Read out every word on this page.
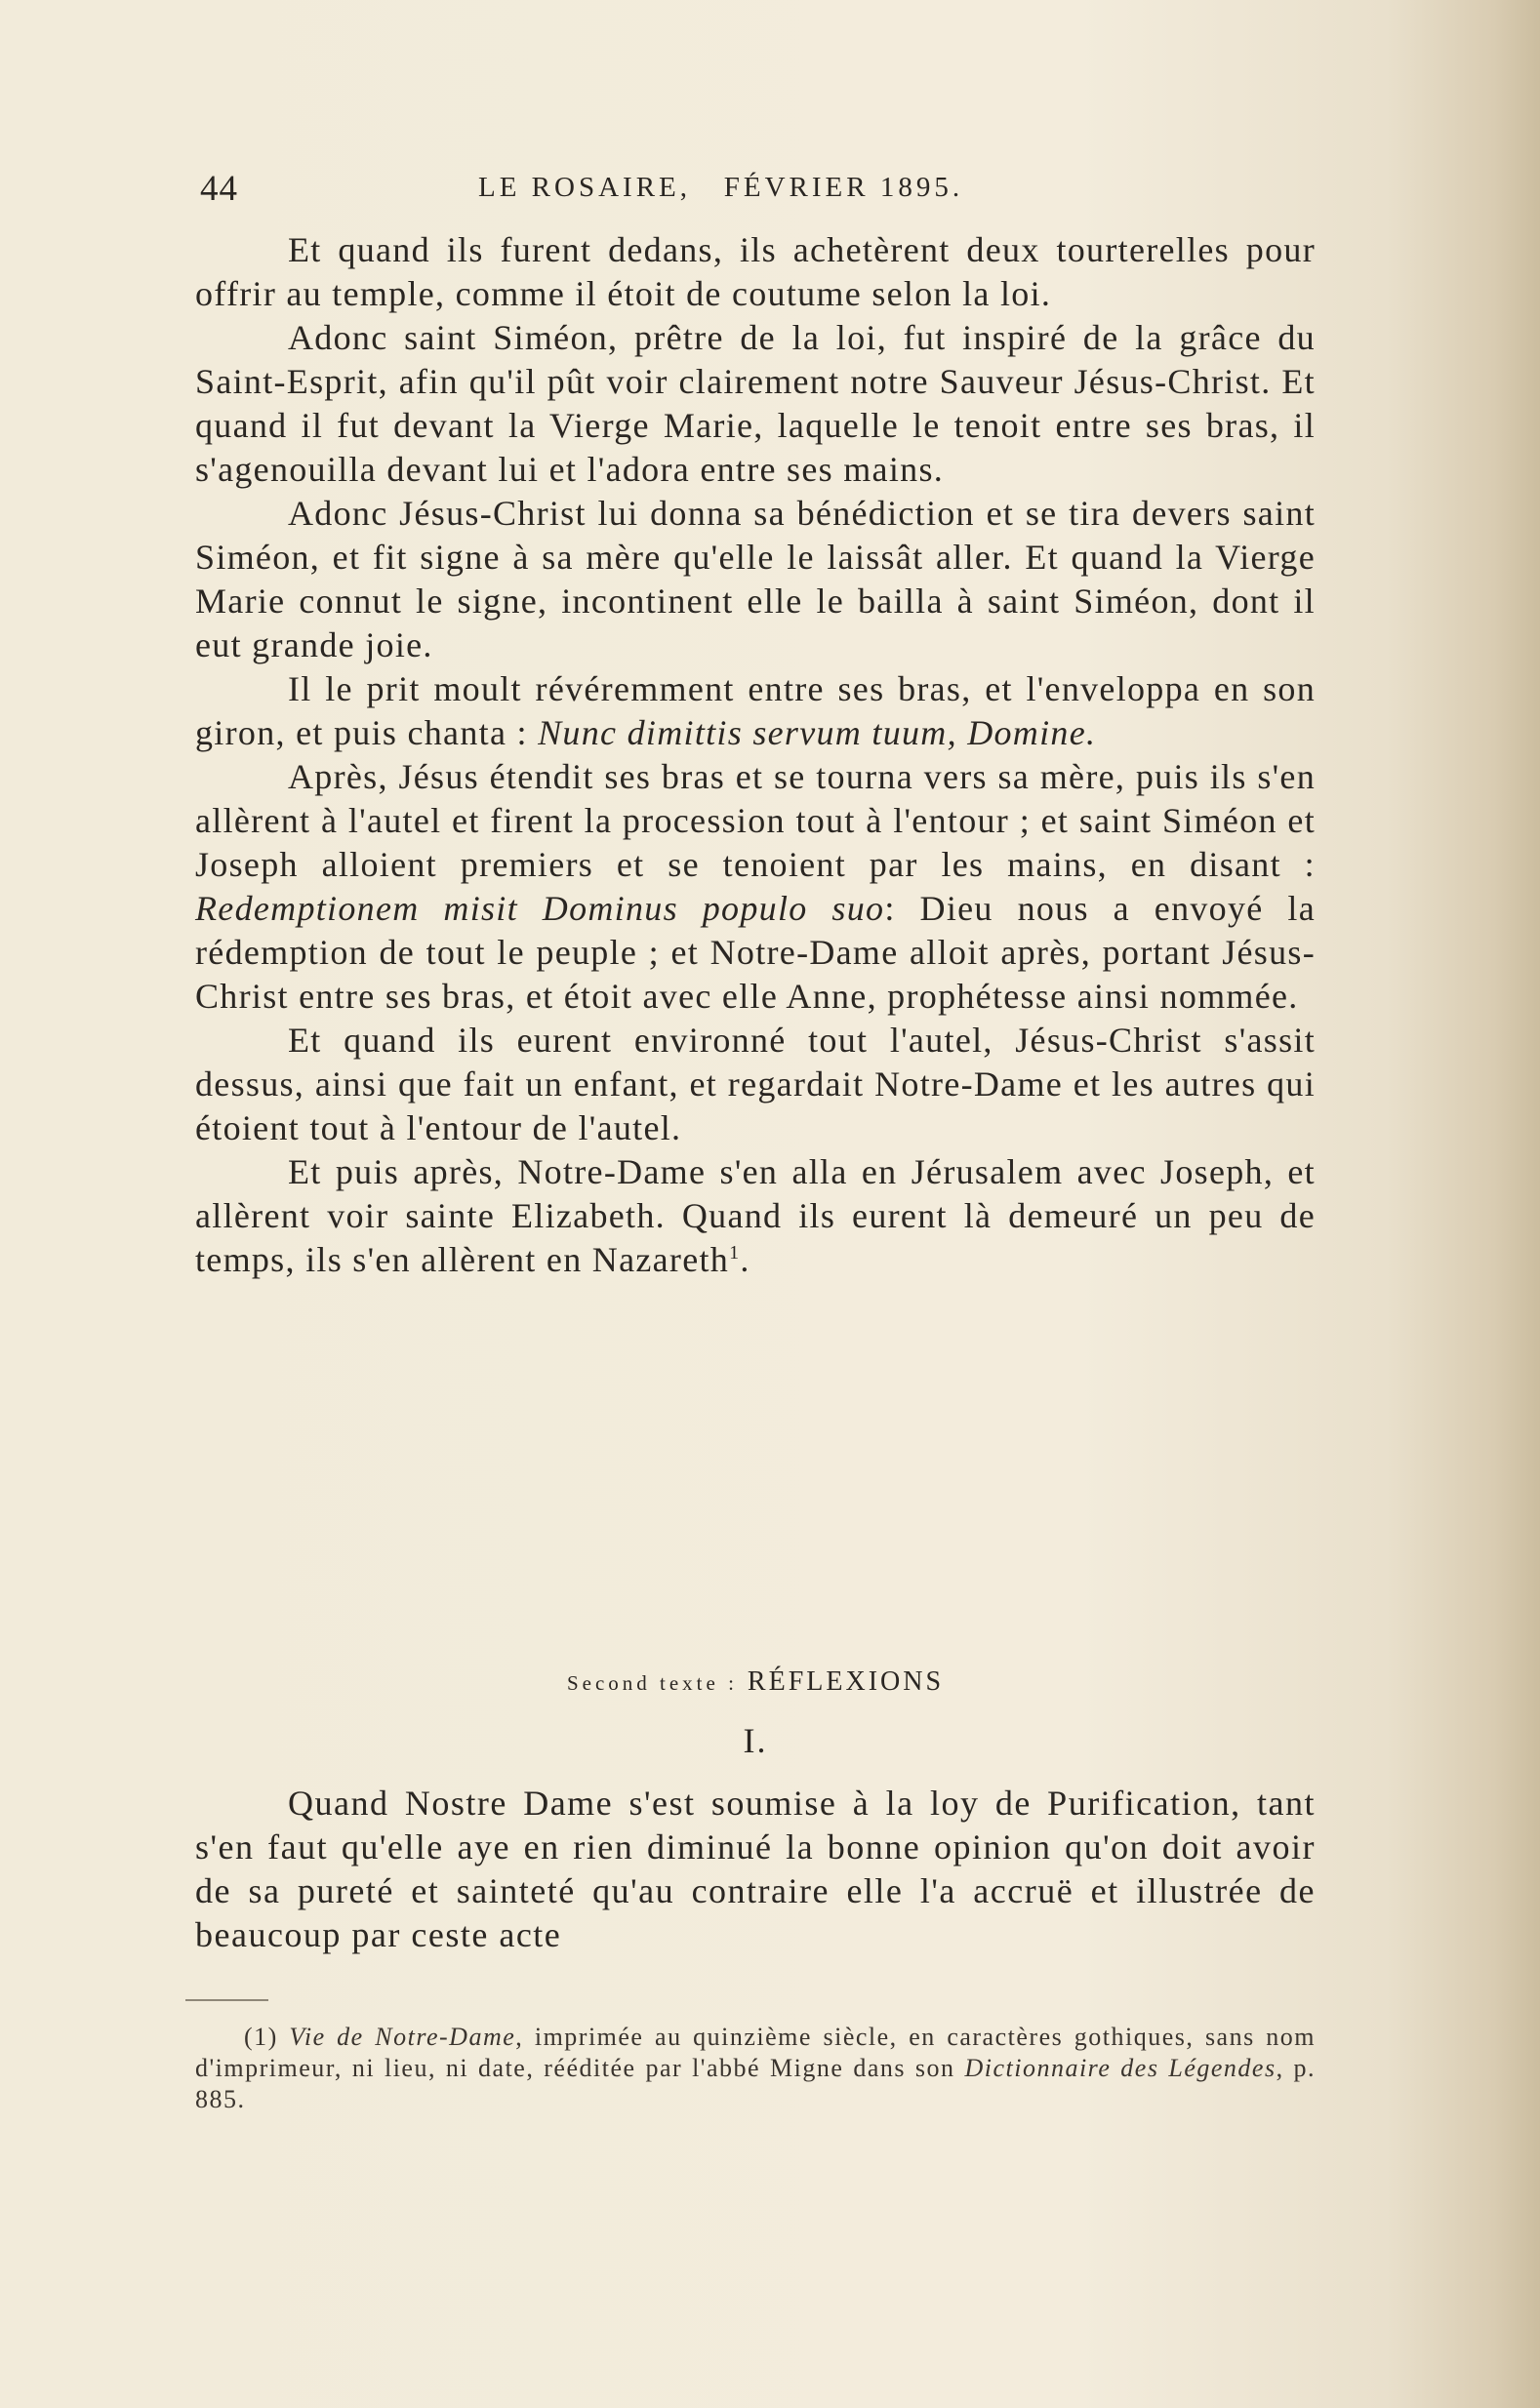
44	LE ROSAIRE,   FÉVRIER 1895.

Et quand ils furent dedans, ils achetèrent deux tourterelles pour offrir au temple, comme il étoit de coutume selon la loi.

Adonc saint Siméon, prêtre de la loi, fut inspiré de la grâce du Saint-Esprit, afin qu'il pût voir clairement notre Sauveur Jésus-Christ. Et quand il fut devant la Vierge Marie, laquelle le tenoit entre ses bras, il s'agenouilla devant lui et l'adora entre ses mains.

Adonc Jésus-Christ lui donna sa bénédiction et se tira devers saint Siméon, et fit signe à sa mère qu'elle le laissât aller. Et quand la Vierge Marie connut le signe, incontinent elle le bailla à saint Siméon, dont il eut grande joie.

Il le prit moult révéremment entre ses bras, et l'enveloppa en son giron, et puis chanta : Nunc dimittis servum tuum, Domine.

Après, Jésus étendit ses bras et se tourna vers sa mère, puis ils s'en allèrent à l'autel et firent la procession tout à l'entour ; et saint Siméon et Joseph alloient premiers et se tenoient par les mains, en disant : Redemptionem misit Dominus populo suo: Dieu nous a envoyé la rédemption de tout le peuple ; et Notre-Dame alloit après, portant Jésus-Christ entre ses bras, et étoit avec elle Anne, prophétesse ainsi nommée.

Et quand ils eurent environné tout l'autel, Jésus-Christ s'assit dessus, ainsi que fait un enfant, et regardait Notre-Dame et les autres qui étoient tout à l'entour de l'autel.

Et puis après, Notre-Dame s'en alla en Jérusalem avec Joseph, et allèrent voir sainte Elizabeth. Quand ils eurent là demeuré un peu de temps, ils s'en allèrent en Nazareth$^1$.

Second texte : RÉFLEXIONS
I.

Quand Nostre Dame s'est soumise à la loy de Purification, tant s'en faut qu'elle aye en rien diminué la bonne opinion qu'on doit avoir de sa pureté et sainteté qu'au contraire elle l'a accruë et illustrée de beaucoup par ceste acte

(1) Vie de Notre-Dame, imprimée au quinzième siècle, en caractères gothiques, sans nom d'imprimeur, ni lieu, ni date, rééditée par l'abbé Migne dans son Dictionnaire des Légendes, p. 885.
